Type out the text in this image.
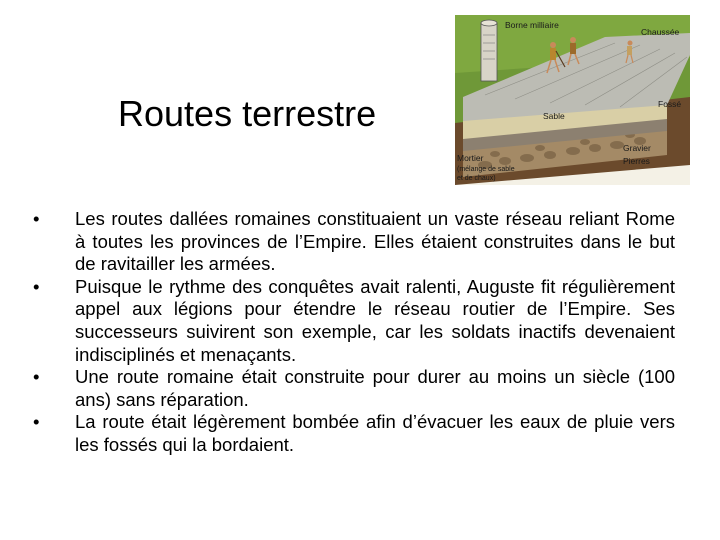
Routes terrestre
Borne milliaire
Chaussée
Fossé
Sable
Gravier
Pierres
Mortier
(mélange de sable
et de chaux)
• Les routes dallées romaines constituaient un vaste réseau reliant Rome à toutes les provinces de l’Empire. Elles étaient construites dans le but de ravitailler les armées.
• Puisque le rythme des conquêtes avait ralenti, Auguste fit régulièrement appel aux légions pour étendre le réseau routier de l’Empire. Ses successeurs suivirent son exemple, car les soldats inactifs devenaient indisciplinés et menaçants.
• Une route romaine était construite pour durer au moins un siècle (100 ans) sans réparation.
• La route était légèrement bombée afin d’évacuer les eaux de pluie vers les fossés qui la bordaient.
